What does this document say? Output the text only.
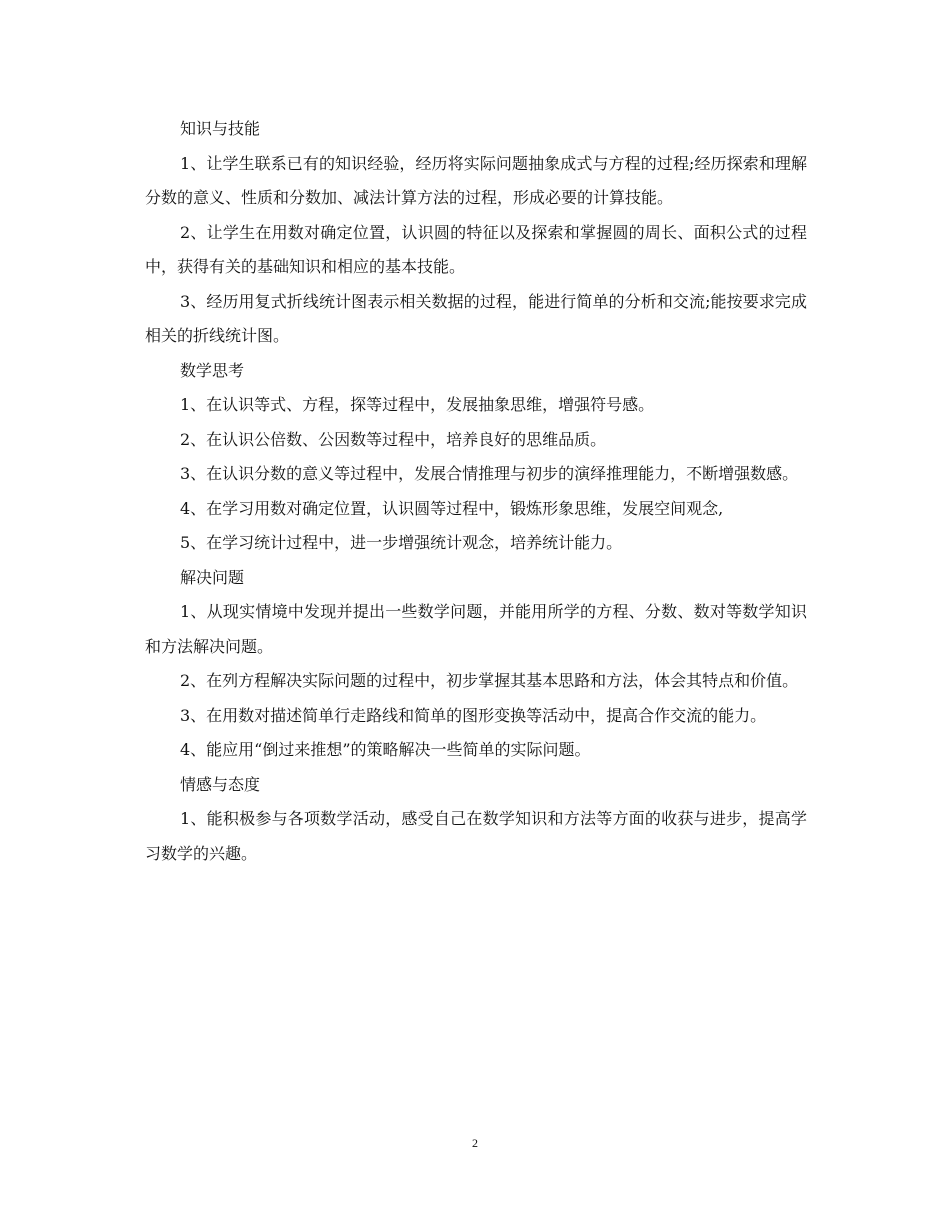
知识与技能

1、让学生联系已有的知识经验，经历将实际问题抽象成式与方程的过程;经历探索和理解分数的意义、性质和分数加、减法计算方法的过程，形成必要的计算技能。

2、让学生在用数对确定位置，认识圆的特征以及探索和掌握圆的周长、面积公式的过程中，获得有关的基础知识和相应的基本技能。

3、经历用复式折线统计图表示相关数据的过程，能进行简单的分析和交流;能按要求完成相关的折线统计图。

数学思考

1、在认识等式、方程，探等过程中，发展抽象思维，增强符号感。

2、在认识公倍数、公因数等过程中，培养良好的思维品质。

3、在认识分数的意义等过程中，发展合情推理与初步的演绎推理能力，不断增强数感。

4、在学习用数对确定位置，认识圆等过程中，锻炼形象思维，发展空间观念,

5、在学习统计过程中，进一步增强统计观念，培养统计能力。

解决问题

1、从现实情境中发现并提出一些数学问题，并能用所学的方程、分数、数对等数学知识和方法解决问题。

2、在列方程解决实际问题的过程中，初步掌握其基本思路和方法，体会其特点和价值。

3、在用数对描述简单行走路线和简单的图形变换等活动中，提高合作交流的能力。

4、能应用“倒过来推想”的策略解决一些简单的实际问题。

情感与态度

1、能积极参与各项数学活动，感受自己在数学知识和方法等方面的收获与进步，提高学习数学的兴趣。

2
